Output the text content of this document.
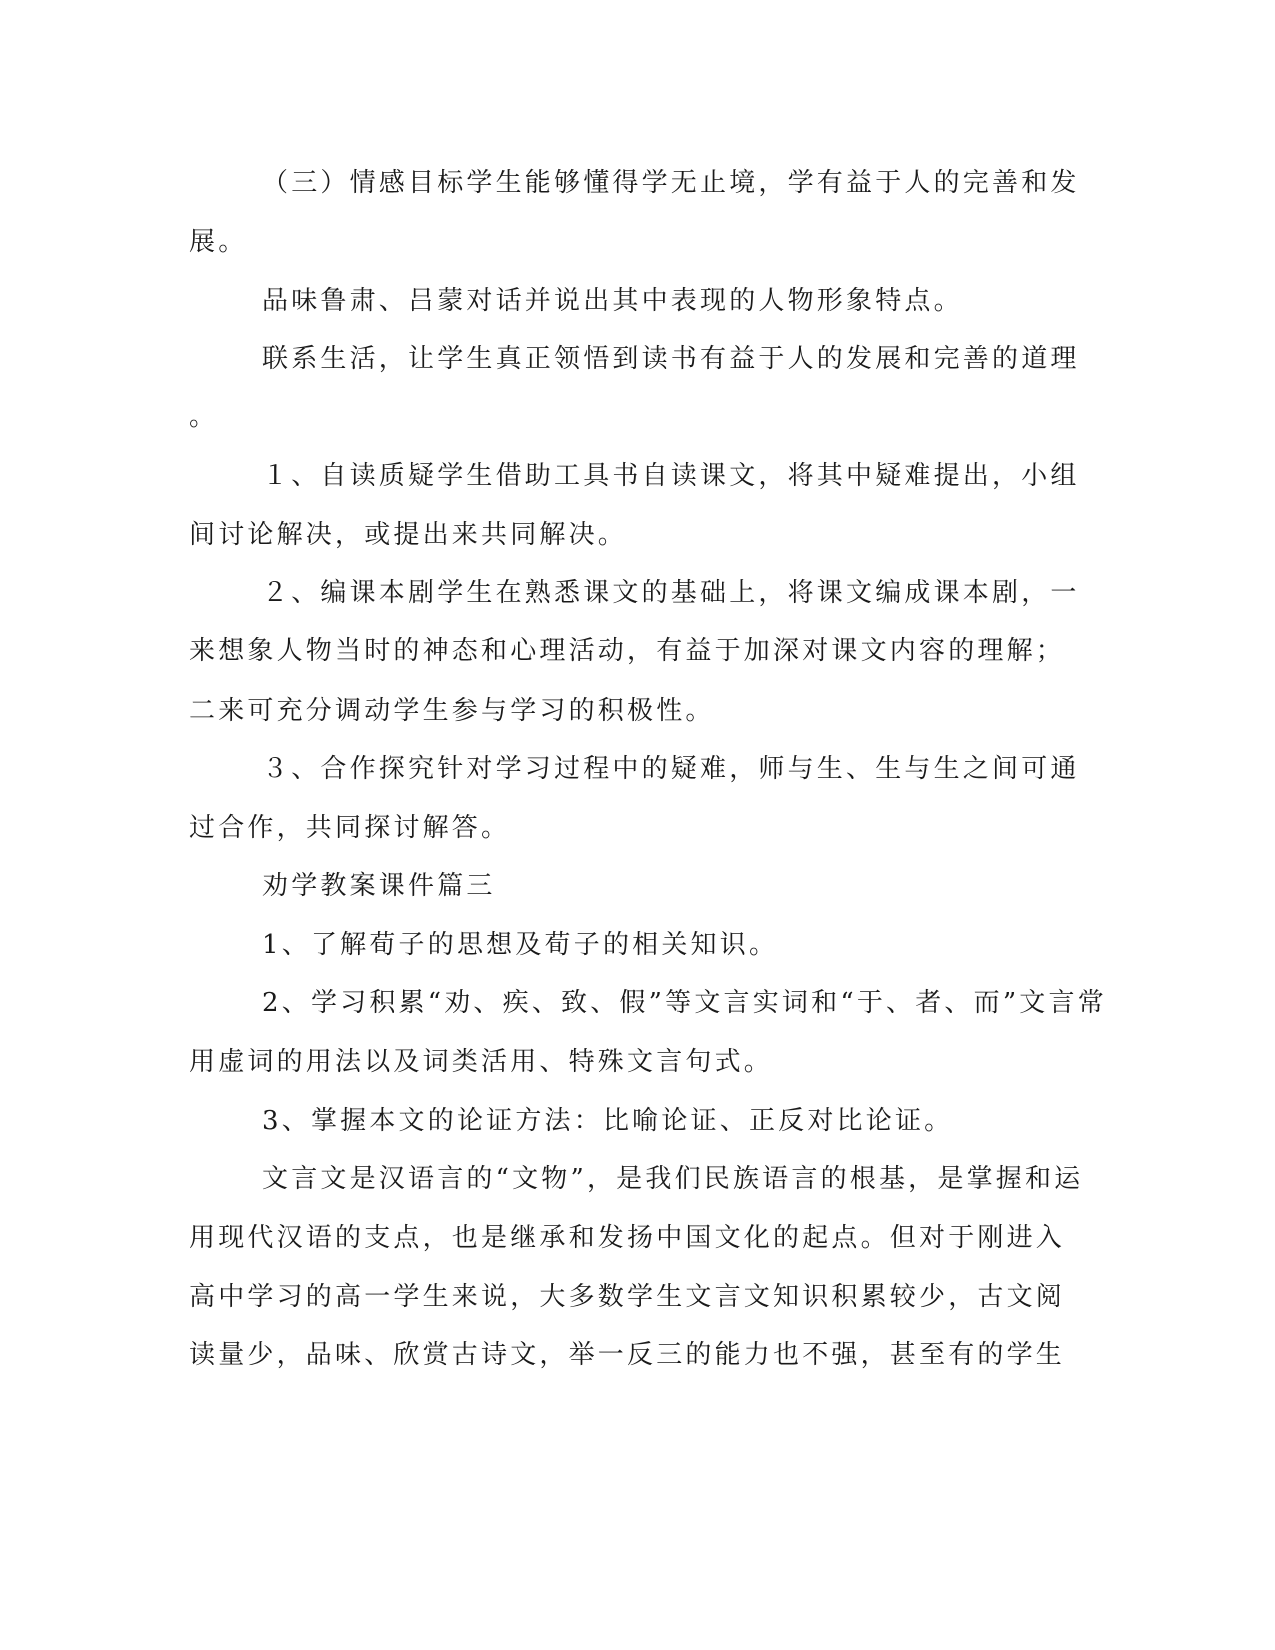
（三）情感目标学生能够懂得学无止境，学有益于人的完善和发
展。
品味鲁肃、吕蒙对话并说出其中表现的人物形象特点。
联系生活，让学生真正领悟到读书有益于人的发展和完善的道理
。
１、自读质疑学生借助工具书自读课文，将其中疑难提出，小组
间讨论解决，或提出来共同解决。
２、编课本剧学生在熟悉课文的基础上，将课文编成课本剧，一
来想象人物当时的神态和心理活动，有益于加深对课文内容的理解；
二来可充分调动学生参与学习的积极性。
３、合作探究针对学习过程中的疑难，师与生、生与生之间可通
过合作，共同探讨解答。
劝学教案课件篇三
1、了解荀子的思想及荀子的相关知识。
2、学习积累“劝、疾、致、假”等文言实词和“于、者、而”文言常
用虚词的用法以及词类活用、特殊文言句式。
3、掌握本文的论证方法：比喻论证、正反对比论证。
文言文是汉语言的“文物”，是我们民族语言的根基，是掌握和运
用现代汉语的支点，也是继承和发扬中国文化的起点。但对于刚进入
高中学习的高一学生来说，大多数学生文言文知识积累较少，古文阅
读量少，品味、欣赏古诗文，举一反三的能力也不强，甚至有的学生
